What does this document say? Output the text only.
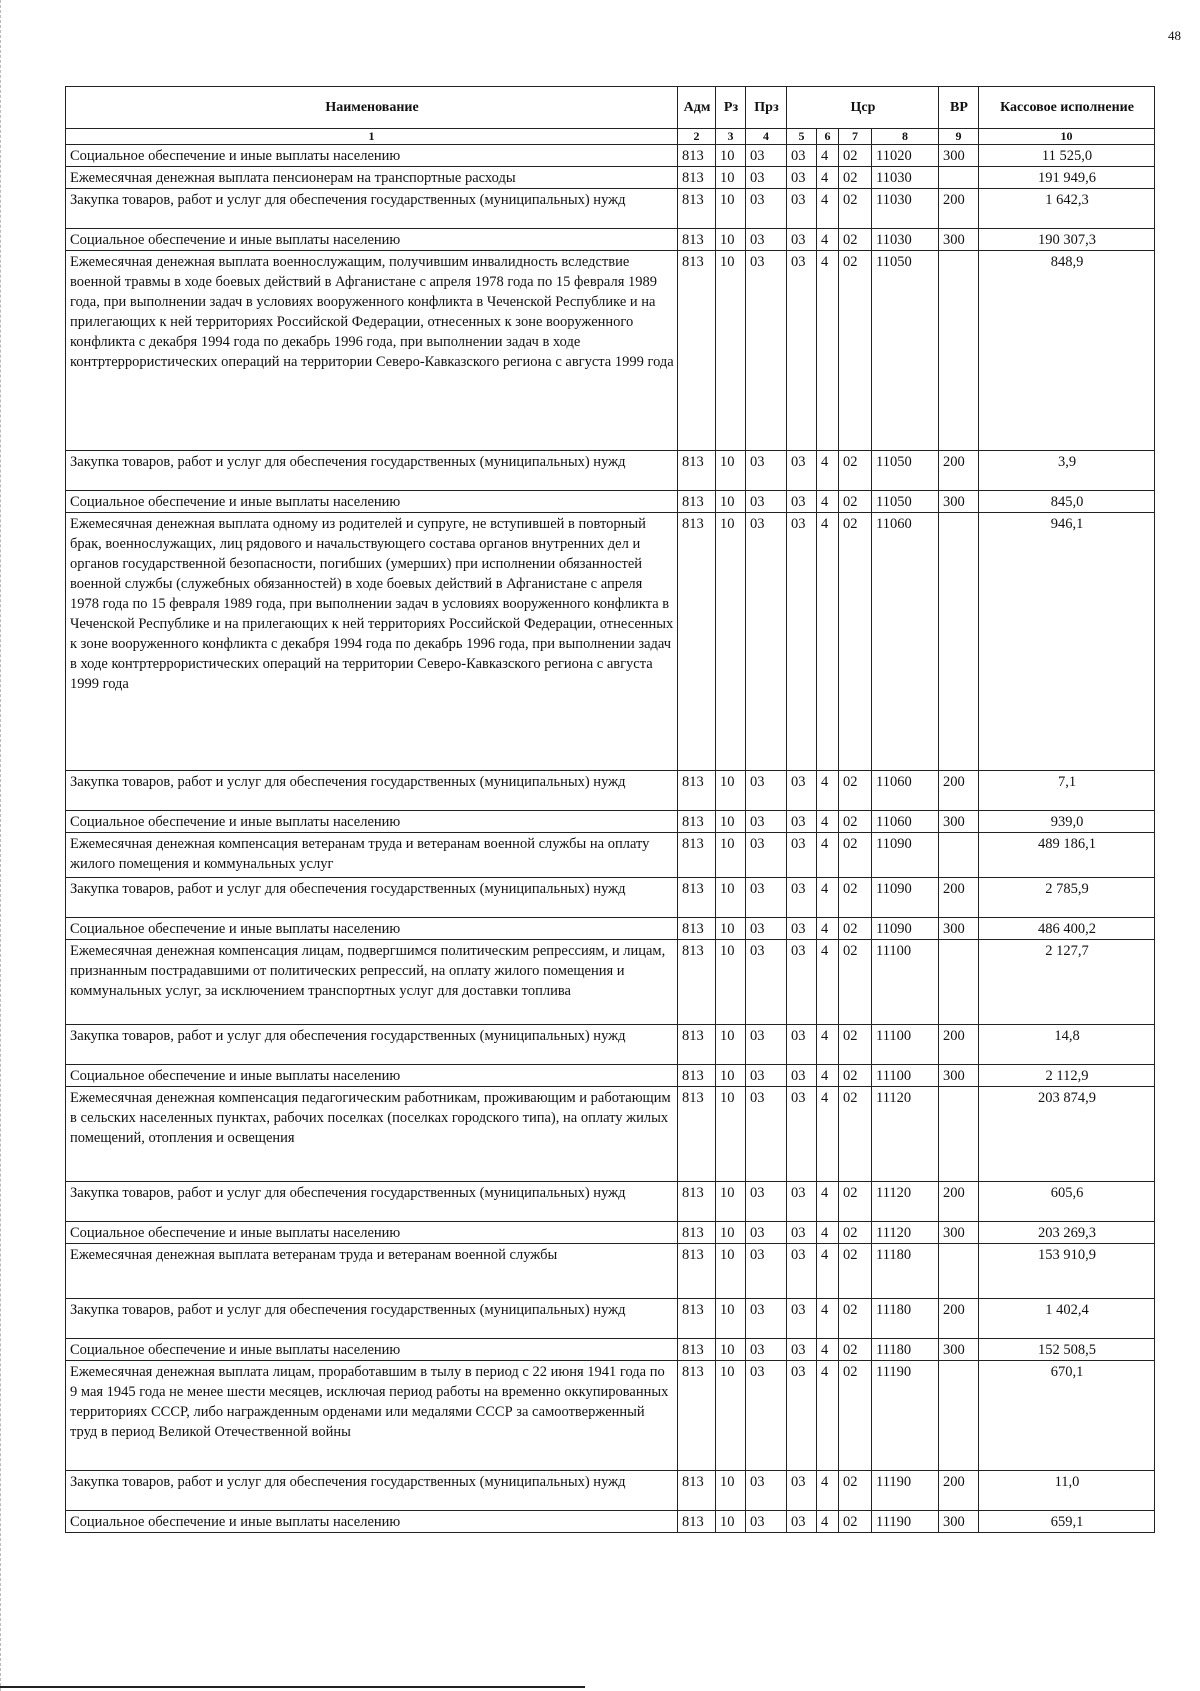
48
Наименование	Адм	Рз	Прз	Цср				ВР	Кассовое исполнение
1	2	3	4	5	6	7	8	9	10
Социальное обеспечение и иные выплаты населению	813	10	03	03	4	02	11020	300	11 525,0
Ежемесячная денежная выплата пенсионерам на транспортные расходы	813	10	03	03	4	02	11030		191 949,6
Закупка товаров, работ и услуг для обеспечения государственных (муниципальных) нужд	813	10	03	03	4	02	11030	200	1 642,3
Социальное обеспечение и иные выплаты населению	813	10	03	03	4	02	11030	300	190 307,3
Ежемесячная денежная выплата военнослужащим, получившим инвалидность вследствие военной травмы в ходе боевых действий в Афганистане с апреля 1978 года по 15 февраля 1989 года, при выполнении задач в условиях вооруженного конфликта в Чеченской Республике и на прилегающих к ней территориях Российской Федерации, отнесенных к зоне вооруженного конфликта с декабря 1994 года по декабрь 1996 года, при выполнении задач в ходе контртеррористических операций на территории Северо-Кавказского региона с августа 1999 года	813	10	03	03	4	02	11050		848,9
Закупка товаров, работ и услуг для обеспечения государственных (муниципальных) нужд	813	10	03	03	4	02	11050	200	3,9
Социальное обеспечение и иные выплаты населению	813	10	03	03	4	02	11050	300	845,0
Ежемесячная денежная выплата одному из родителей и супруге, не вступившей в повторный брак, военнослужащих, лиц рядового и начальствующего состава органов внутренних дел и органов государственной безопасности, погибших (умерших) при исполнении обязанностей военной службы (служебных обязанностей) в ходе боевых действий в Афганистане с апреля 1978 года по 15 февраля 1989 года, при выполнении задач в условиях вооруженного конфликта в Чеченской Республике и на прилегающих к ней территориях Российской Федерации, отнесенных к зоне вооруженного конфликта с декабря 1994 года по декабрь 1996 года, при выполнении задач в ходе контртеррористических операций на территории Северо-Кавказского региона с августа 1999 года	813	10	03	03	4	02	11060		946,1
Закупка товаров, работ и услуг для обеспечения государственных (муниципальных) нужд	813	10	03	03	4	02	11060	200	7,1
Социальное обеспечение и иные выплаты населению	813	10	03	03	4	02	11060	300	939,0
Ежемесячная денежная компенсация ветеранам труда и ветеранам военной службы на оплату жилого помещения и коммунальных услуг	813	10	03	03	4	02	11090		489 186,1
Закупка товаров, работ и услуг для обеспечения государственных (муниципальных) нужд	813	10	03	03	4	02	11090	200	2 785,9
Социальное обеспечение и иные выплаты населению	813	10	03	03	4	02	11090	300	486 400,2
Ежемесячная денежная компенсация лицам, подвергшимся политическим репрессиям, и лицам, признанным пострадавшими от политических репрессий, на оплату жилого помещения и коммунальных услуг, за исключением транспортных услуг для доставки топлива	813	10	03	03	4	02	11100		2 127,7
Закупка товаров, работ и услуг для обеспечения государственных (муниципальных) нужд	813	10	03	03	4	02	11100	200	14,8
Социальное обеспечение и иные выплаты населению	813	10	03	03	4	02	11100	300	2 112,9
Ежемесячная денежная компенсация педагогическим работникам, проживающим и работающим в сельских населенных пунктах, рабочих поселках (поселках городского типа), на оплату жилых помещений, отопления и освещения	813	10	03	03	4	02	11120		203 874,9
Закупка товаров, работ и услуг для обеспечения государственных (муниципальных) нужд	813	10	03	03	4	02	11120	200	605,6
Социальное обеспечение и иные выплаты населению	813	10	03	03	4	02	11120	300	203 269,3
Ежемесячная денежная выплата ветеранам труда и ветеранам военной службы	813	10	03	03	4	02	11180		153 910,9
Закупка товаров, работ и услуг для обеспечения государственных (муниципальных) нужд	813	10	03	03	4	02	11180	200	1 402,4
Социальное обеспечение и иные выплаты населению	813	10	03	03	4	02	11180	300	152 508,5
Ежемесячная денежная выплата лицам, проработавшим в тылу в период с 22 июня 1941 года по 9 мая 1945 года не менее шести месяцев, исключая период работы на временно оккупированных территориях СССР, либо награжденным орденами или медалями СССР за самоотверженный труд в период Великой Отечественной войны	813	10	03	03	4	02	11190		670,1
Закупка товаров, работ и услуг для обеспечения государственных (муниципальных) нужд	813	10	03	03	4	02	11190	200	11,0
Социальное обеспечение и иные выплаты населению	813	10	03	03	4	02	11190	300	659,1
